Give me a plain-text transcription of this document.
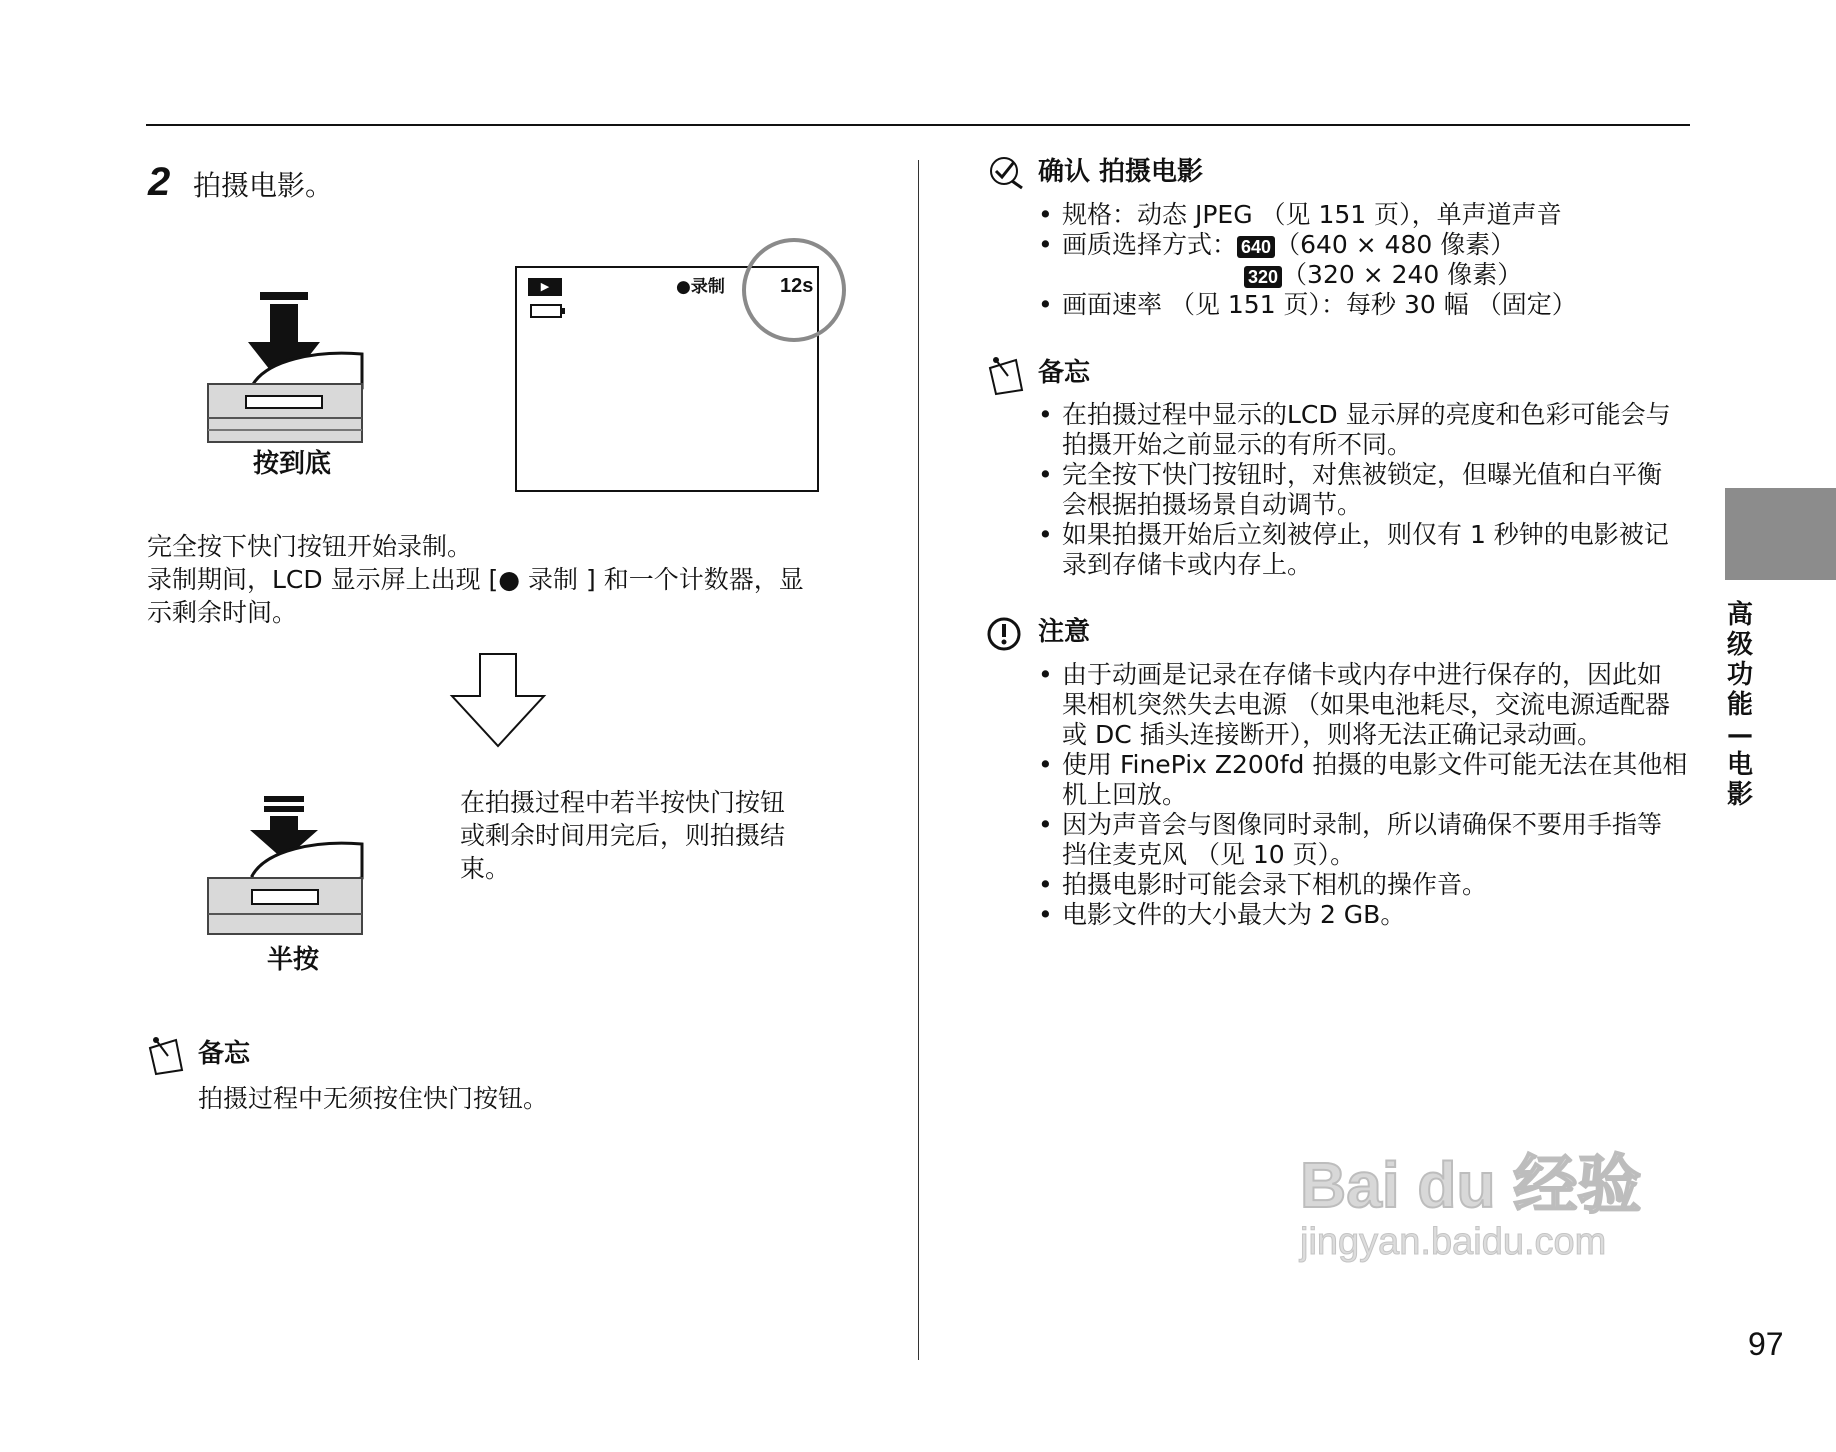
2 拍摄电影。
按到底
▶	●录制	12s
完全按下快门按钮开始录制。
录制期间，LCD 显示屏上出现 [● 录制 ] 和一个计数器，显
示剩余时间。
半按
在拍摄过程中若半按快门按钮
或剩余时间用完后，则拍摄结
束。
备忘
拍摄过程中无须按住快门按钮。
确认 拍摄电影
• 规格：动态 JPEG （见 151 页），单声道声音
• 画质选择方式： 640 （640 × 480 像素）
320 （320 × 240 像素）
• 画面速率 （见 151 页）：每秒 30 幅 （固定）
备忘
• 在拍摄过程中显示的LCD 显示屏的亮度和色彩可能会与
拍摄开始之前显示的有所不同。
• 完全按下快门按钮时，对焦被锁定，但曝光值和白平衡
会根据拍摄场景自动调节。
• 如果拍摄开始后立刻被停止，则仅有 1 秒钟的电影被记
录到存储卡或内存上。
注意
• 由于动画是记录在存储卡或内存中进行保存的，因此如
果相机突然失去电源 （如果电池耗尽，交流电源适配器
或 DC 插头连接断开），则将无法正确记录动画。
• 使用 FinePix Z200fd 拍摄的电影文件可能无法在其他相
机上回放。
• 因为声音会与图像同时录制，所以请确保不要用手指等
挡住麦克风 （见 10 页）。
• 拍摄电影时可能会录下相机的操作音。
• 电影文件的大小最大为 2 GB。
高
级
功
能
—
电
影
97
Bai du 经验
jingyan.baidu.com
